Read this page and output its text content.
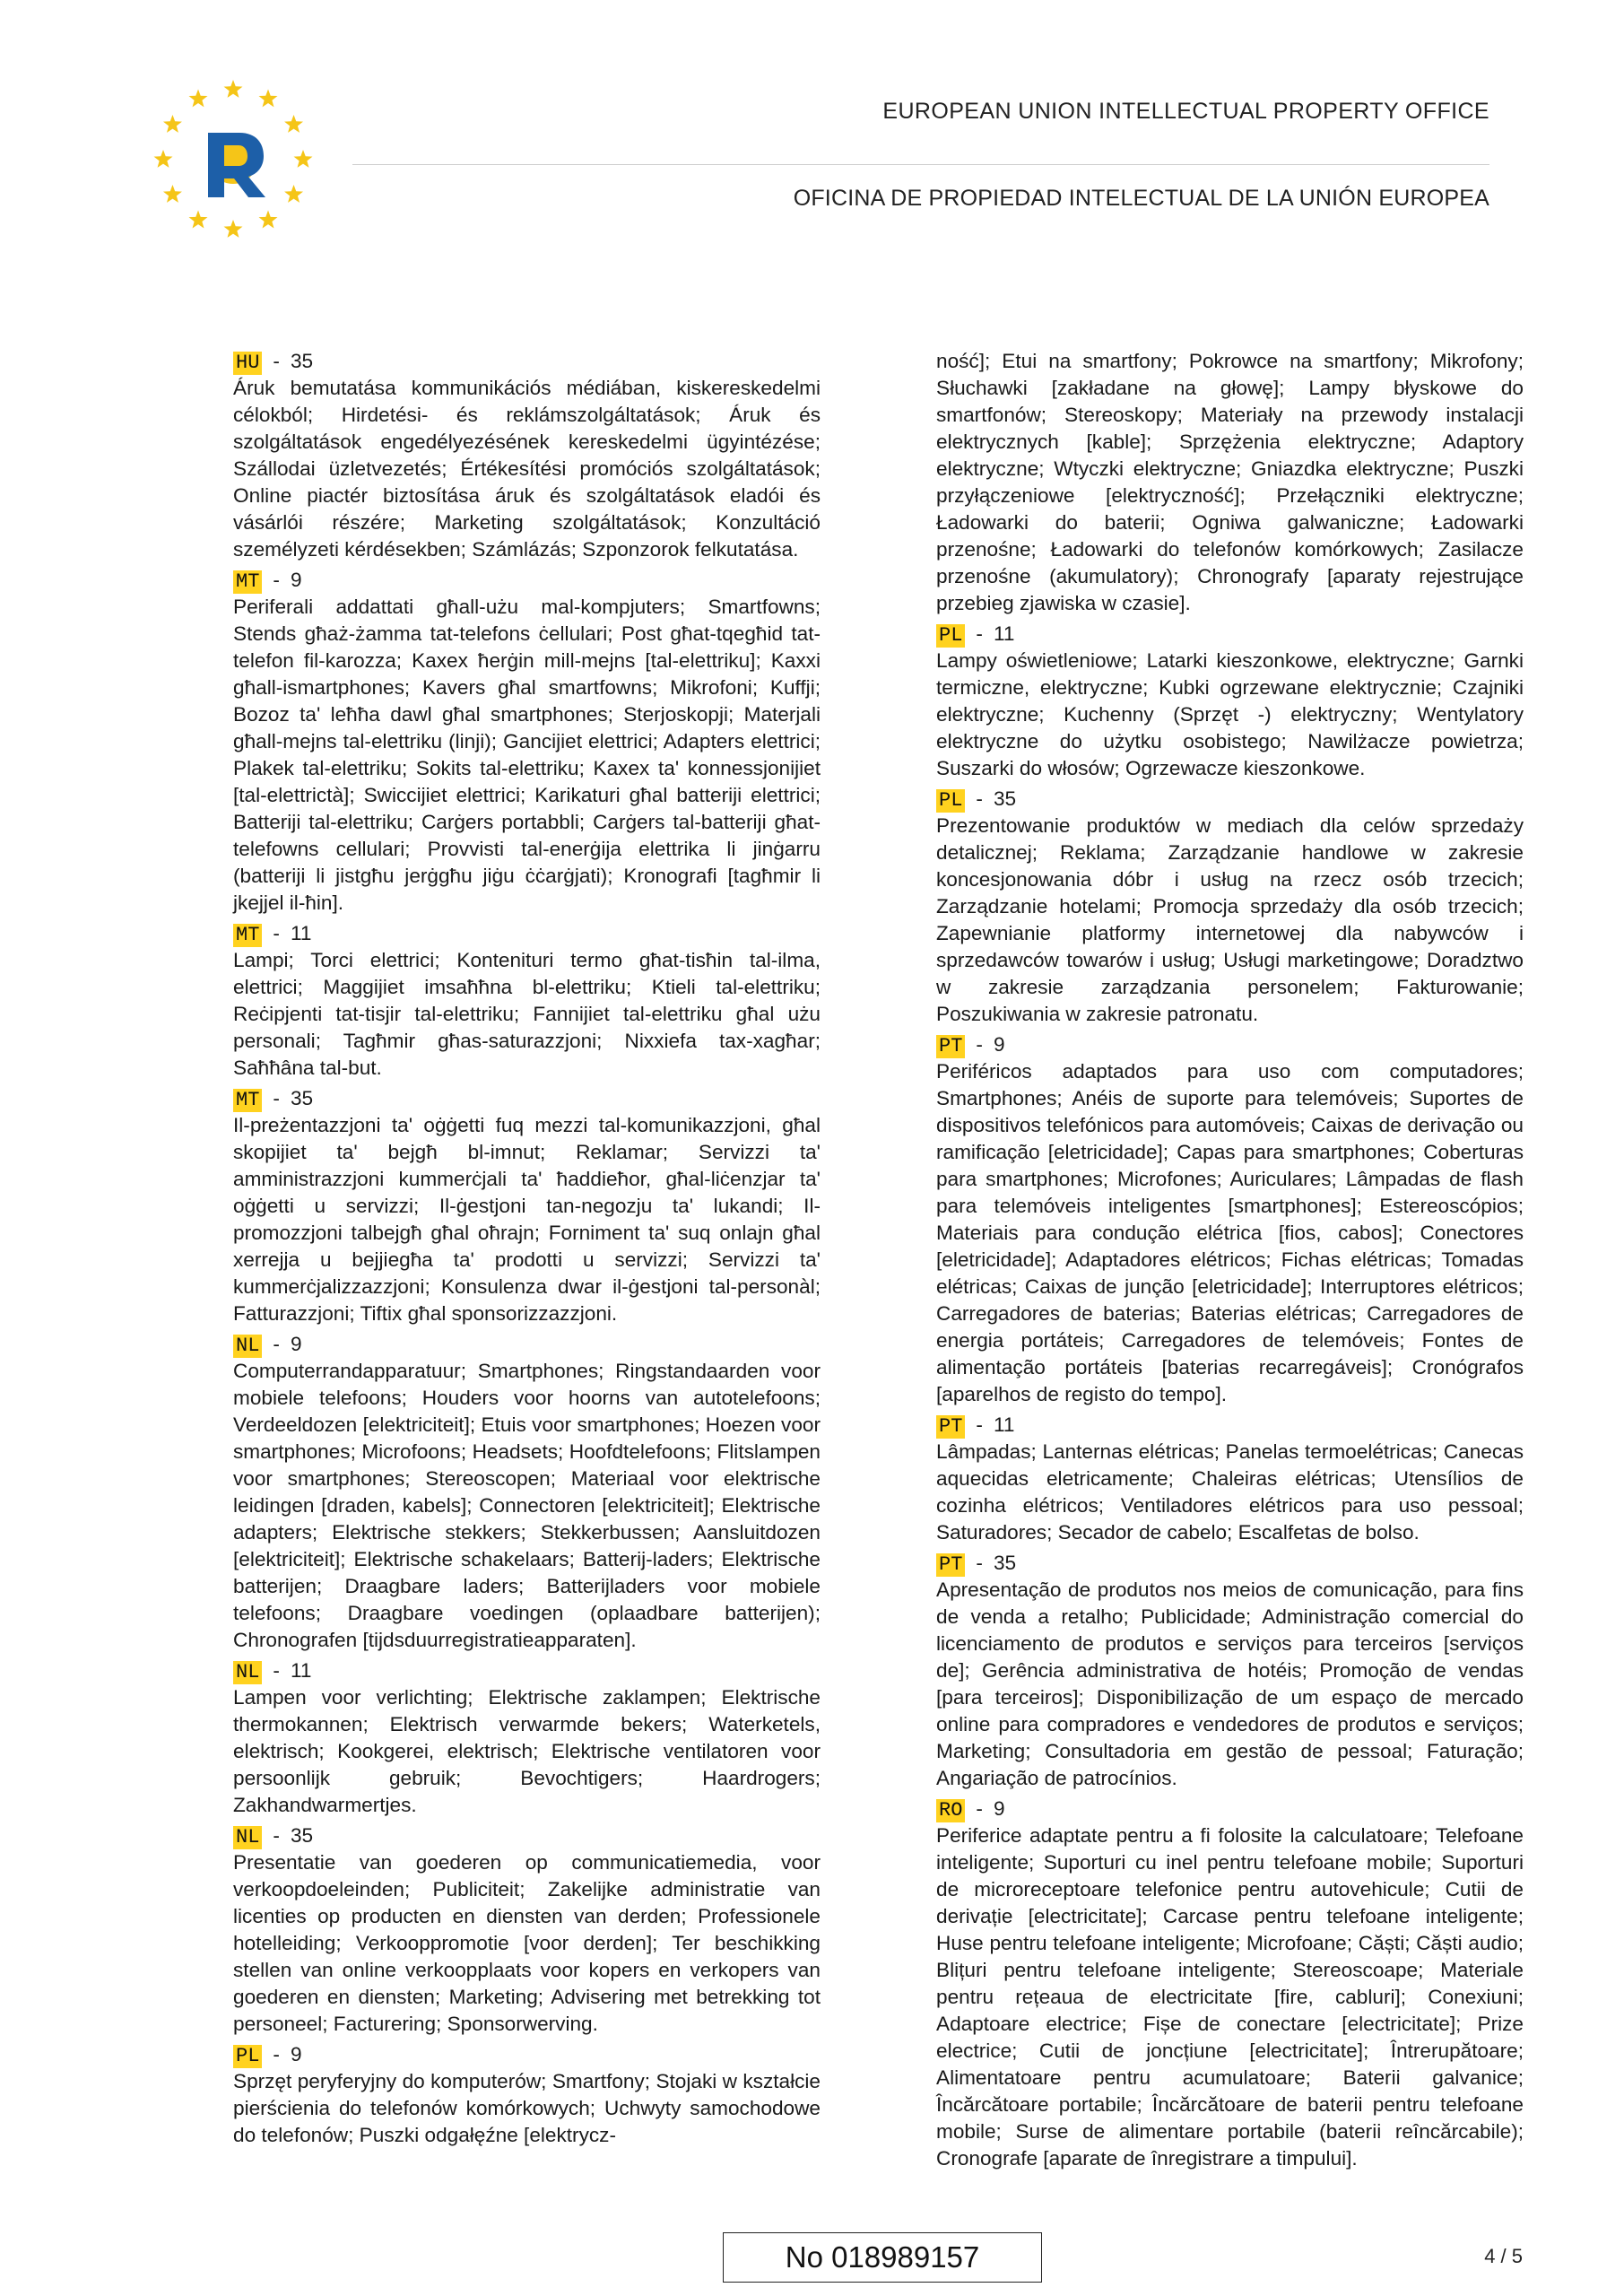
EUROPEAN UNION INTELLECTUAL PROPERTY OFFICE
OFICINA DE PROPIEDAD INTELECTUAL DE LA UNIÓN EUROPEA
HU - 35
Áruk bemutatása kommunikációs médiában, kiskereskedelmi célokból; Hirdetési- és reklámszolgáltatások; Áruk és szolgáltatások engedélyezésének kereskedelmi ügyintézése; Szállodai üzletvezetés; Értékesítési promóciós szolgáltatások; Online piactér biztosítása áruk és szolgáltatások eladói és vásárlói részére; Marketing szolgáltatások; Konzultáció személyzeti kérdésekben; Számlázás; Szponzorok felkutatása.
MT - 9
Periferali addattati għall-użu mal-kompjuters; Smartfowns; Stends għaż-żamma tat-telefons ċellulari; Post għat-tqegħid tat-telefon fil-karozza; Kaxex ħerġin mill-mejns [tal-elettriku]; Kaxxi għall-ismartphones; Kavers għal smartfowns; Mikrofoni; Kuffji; Bozoz ta' leħħa dawl għal smartphones; Sterjoskopji; Materjali għall-mejns tal-elettriku (linji); Gancijiet elettrici; Adapters elettrici; Plakek tal-elettriku; Sokits tal-elettriku; Kaxex ta' konnessjonijiet [tal-elettrictà]; Swiccijiet elettrici; Karikaturi għal batteriji elettrici; Batteriji tal-elettriku; Carġers portabbli; Carġers tal-batteriji għat-telefowns cellulari; Provvisti tal-enerġija elettrika li jinġarru (batteriji li jistgħu jerġgħu jiġu ċċarġjati); Kronografi [tagħmir li jkejjel il-ħin].
MT - 11
Lampi; Torci elettrici; Kontenituri termo għat-tisħin tal-ilma, elettrici; Maggijiet imsaħħna bl-elettriku; Ktieli tal-elettriku; Reċipjenti tat-tisjir tal-elettriku; Fannijiet tal-elettriku għal użu personali; Tagħmir għas-saturazzjoni; Nixxiefa tax-xagħar; Saħħâna tal-but.
MT - 35
Il-preżentazzjoni ta' oġġetti fuq mezzi tal-komunikazzjoni, għal skopijiet ta' bejgħ bl-imnut; Reklamar; Servizzi ta' amministrazzjoni kummerċjali ta' ħaddieħor, għal-liċenzjar ta' oġġetti u servizzi; Il-ġestjoni tan-negozju ta' lukandi; Il-promozzjoni talbejgħ għal oħrajn; Forniment ta' suq onlajn għal xerrejja u bejjiegħa ta' prodotti u servizzi; Servizzi ta' kummerċjalizzazzjoni; Konsulenza dwar il-ġestjoni tal-personàl; Fatturazzjoni; Tiftix għal sponsorizzazzjoni.
NL - 9
Computerrandapparatuur; Smartphones; Ringstandaarden voor mobiele telefoons; Houders voor hoorns van autotelefoons; Verdeeldozen [elektriciteit]; Etuis voor smartphones; Hoezen voor smartphones; Microfoons; Headsets; Hoofdtelefoons; Flitslampen voor smartphones; Stereoscopen; Materiaal voor elektrische leidingen [draden, kabels]; Connectoren [elektriciteit]; Elektrische adapters; Elektrische stekkers; Stekkerbussen; Aansluitdozen [elektriciteit]; Elektrische schakelaars; Batterij-laders; Elektrische batterijen; Draagbare laders; Batterijladers voor mobiele telefoons; Draagbare voedingen (oplaadbare batterijen); Chronografen [tijdsduurregistratieapparaten].
NL - 11
Lampen voor verlichting; Elektrische zaklampen; Elektrische thermokannen; Elektrisch verwarmde bekers; Waterketels, elektrisch; Kookgerei, elektrisch; Elektrische ventilatoren voor persoonlijk gebruik; Bevochtigers; Haardrogers; Zakhandwarmertjes.
NL - 35
Presentatie van goederen op communicatiemedia, voor verkoopdoeleinden; Publiciteit; Zakelijke administratie van licenties op producten en diensten van derden; Professionele hotelleiding; Verkooppromotie [voor derden]; Ter beschikking stellen van online verkoopplaats voor kopers en verkopers van goederen en diensten; Marketing; Advisering met betrekking tot personeel; Facturering; Sponsorwerving.
PL - 9
Sprzęt peryferyjny do komputerów; Smartfony; Stojaki w kształcie pierścienia do telefonów komórkowych; Uchwyty samochodowe do telefonów; Puszki odgałęźne [elektrycz-
ność]; Etui na smartfony; Pokrowce na smartfony; Mikrofony; Słuchawki [zakładane na głowę]; Lampy błyskowe do smartfonów; Stereoskopy; Materiały na przewody instalacji elektrycznych [kable]; Sprzężenia elektryczne; Adaptory elektryczne; Wtyczki elektryczne; Gniazdka elektryczne; Puszki przyłączeniowe [elektryczność]; Przełączniki elektryczne; Ładowarki do baterii; Ogniwa galwaniczne; Ładowarki przenośne; Ładowarki do telefonów komórkowych; Zasilacze przenośne (akumulatory); Chronografy [aparaty rejestrujące przebieg zjawiska w czasie].
PL - 11
Lampy oświetleniowe; Latarki kieszonkowe, elektryczne; Garnki termiczne, elektryczne; Kubki ogrzewane elektrycznie; Czajniki elektryczne; Kuchenny (Sprzęt -) elektryczny; Wentylatory elektryczne do użytku osobistego; Nawilżacze powietrza; Suszarki do włosów; Ogrzewacze kieszonkowe.
PL - 35
Prezentowanie produktów w mediach dla celów sprzedaży detalicznej; Reklama; Zarządzanie handlowe w zakresie koncesjonowania dóbr i usług na rzecz osób trzecich; Zarządzanie hotelami; Promocja sprzedaży dla osób trzecich; Zapewnianie platformy internetowej dla nabywców i sprzedawców towarów i usług; Usługi marketingowe; Doradztwo w zakresie zarządzania personelem; Fakturowanie; Poszukiwania w zakresie patronatu.
PT - 9
Periféricos adaptados para uso com computadores; Smartphones; Anéis de suporte para telemóveis; Suportes de dispositivos telefónicos para automóveis; Caixas de derivação ou ramificação [eletricidade]; Capas para smartphones; Coberturas para smartphones; Microfones; Auriculares; Lâmpadas de flash para telemóveis inteligentes [smartphones]; Estereoscópios; Materiais para condução elétrica [fios, cabos]; Conectores [eletricidade]; Adaptadores elétricos; Fichas elétricas; Tomadas elétricas; Caixas de junção [eletricidade]; Interruptores elétricos; Carregadores de baterias; Baterias elétricas; Carregadores de energia portáteis; Carregadores de telemóveis; Fontes de alimentação portáteis [baterias recarregáveis]; Cronógrafos [aparelhos de registo do tempo].
PT - 11
Lâmpadas; Lanternas elétricas; Panelas termoelétricas; Canecas aquecidas eletricamente; Chaleiras elétricas; Utensílios de cozinha elétricos; Ventiladores elétricos para uso pessoal; Saturadores; Secador de cabelo; Escalfetas de bolso.
PT - 35
Apresentação de produtos nos meios de comunicação, para fins de venda a retalho; Publicidade; Administração comercial do licenciamento de produtos e serviços para terceiros [serviços de]; Gerência administrativa de hotéis; Promoção de vendas [para terceiros]; Disponibilização de um espaço de mercado online para compradores e vendedores de produtos e serviços; Marketing; Consultadoria em gestão de pessoal; Faturação; Angariação de patrocínios.
RO - 9
Periferice adaptate pentru a fi folosite la calculatoare; Telefoane inteligente; Suporturi cu inel pentru telefoane mobile; Suporturi de microreceptoare telefonice pentru autovehicule; Cutii de derivație [electricitate]; Carcase pentru telefoane inteligente; Huse pentru telefoane inteligente; Microfoane; Căști; Căști audio; Blițuri pentru telefoane inteligente; Stereoscoape; Materiale pentru rețeaua de electricitate [fire, cabluri]; Conexiuni; Adaptoare electrice; Fișe de conectare [electricitate]; Prize electrice; Cutii de joncțiune [electricitate]; Întrerupătoare; Alimentatoare pentru acumulatoare; Baterii galvanice; Încărcătoare portabile; Încărcătoare de baterii pentru telefoane mobile; Surse de alimentare portabile (baterii reîncărcabile); Cronografe [aparate de înregistrare a timpului].
No 018989157	4 / 5
